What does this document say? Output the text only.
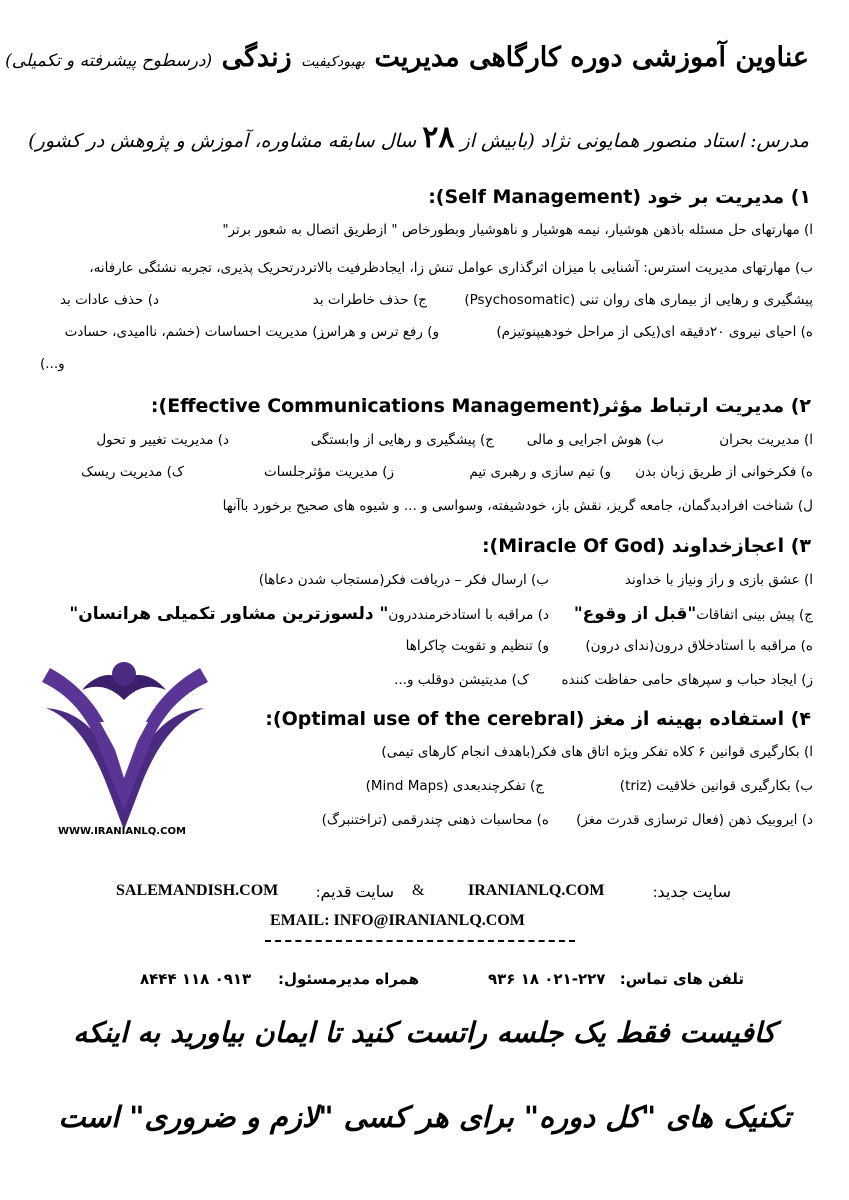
عناوین آموزشی دوره کارگاهی مدیریت بهبودکیفیت زندگی (درسطوح پیشرفته و تکمیلی)
مدرس: استاد منصور همایونی نژاد (بابیش از ۲۸ سال سابقه مشاوره، آموزش و پژوهش در کشور)
۱) مدیریت بر خود (Self Management):
ا) مهارتهای حل مسئله باذهن هوشیار، نیمه هوشیار و ناهوشیار وبطورخاص " ازطریق اتصال به شعور برتر"
ب) مهارتهای مدیریت استرس: آشنایی با میزان اثرگذاری عوامل تنش زا، ایجادظرفیت بالاتردرتحریک پذیری، تجربه نشئگی عارفانه،
پیشگیری و رهایی از بیماری های روان تنی (Psychosomatic)
ج) حذف خاطرات بد
د) حذف عادات بد
ه) احیای نیروی ۲۰دقیقه ای(یکی از مراحل خودهیپنوتیزم)
و) رفع ترس و هراس
ز) مدیریت احساسات (خشم، ناامیدی، حسادت
و...)
۲) مدیریت ارتباط مؤثر(Effective Communications Management):
ا) مدیریت بحران
ب) هوش اجرایی و مالی
ج) پیشگیری و رهایی از وابستگی
د) مدیریت تغییر و تحول
ه) فکرخوانی از طریق زبان بدن
و) تیم سازی و رهبری تیم
ز) مدیریت مؤثرجلسات
ک) مدیریت ریسک
ل) شناخت افرادبدگمان، جامعه گریز، نقش باز، خودشیفته، وسواسی و ... و شیوه های صحیح برخورد باآنها
۳) اعجازخداوند (Miracle Of God):
ا) عشق بازی و راز ونیاز با خداوند
ب) ارسال فکر – دریافت فکر(مستجاب شدن دعاها)
ج) پیش بینی اتفاقات"قبل از وقوع"
د) مراقبه با استادخرمنددرون" دلسوزترین مشاور تکمیلی هرانسان"
ه) مراقبه با استادخلاق درون(ندای درون)
و) تنظیم و تقویت چاکراها
ز) ایجاد حباب و سپرهای حامی حفاظت کننده
ک) مدیتیشن دوقلب و...
۴) استفاده بهینه از مغز (Optimal use of the cerebral):
ا) بکارگیری قوانین ۶ کلاه تفکر ویژه اتاق های فکر(باهدف انجام کارهای تیمی)
ب) بکارگیری قوانین خلاقیت (triz)
ج) تفکرچندبعدی (Mind Maps)
د) ایروبیک ذهن (فعال ترسازی قدرت مغز)
ه) محاسبات ذهنی چندرقمی (تراختنبرگ)
سایت جدید:
IRANIANLQ.COM
&
سایت قدیم:
SALEMANDISH.COM
EMAIL: INFO@IRANIANLQ.COM
تلفن های تماس:
۰۲۱-۲۲۷ ۱۸ ۹۳۶
همراه مدیرمسئول:
۰۹۱۳ ۱۱۸ ۸۴۴۴
کافیست فقط یک جلسه راتست کنید تا ایمان بیاورید به اینکه
تکنیک های "کل دوره" برای هر کسی "لازم و ضروری" است
WWW.IRANIANLQ.COM
